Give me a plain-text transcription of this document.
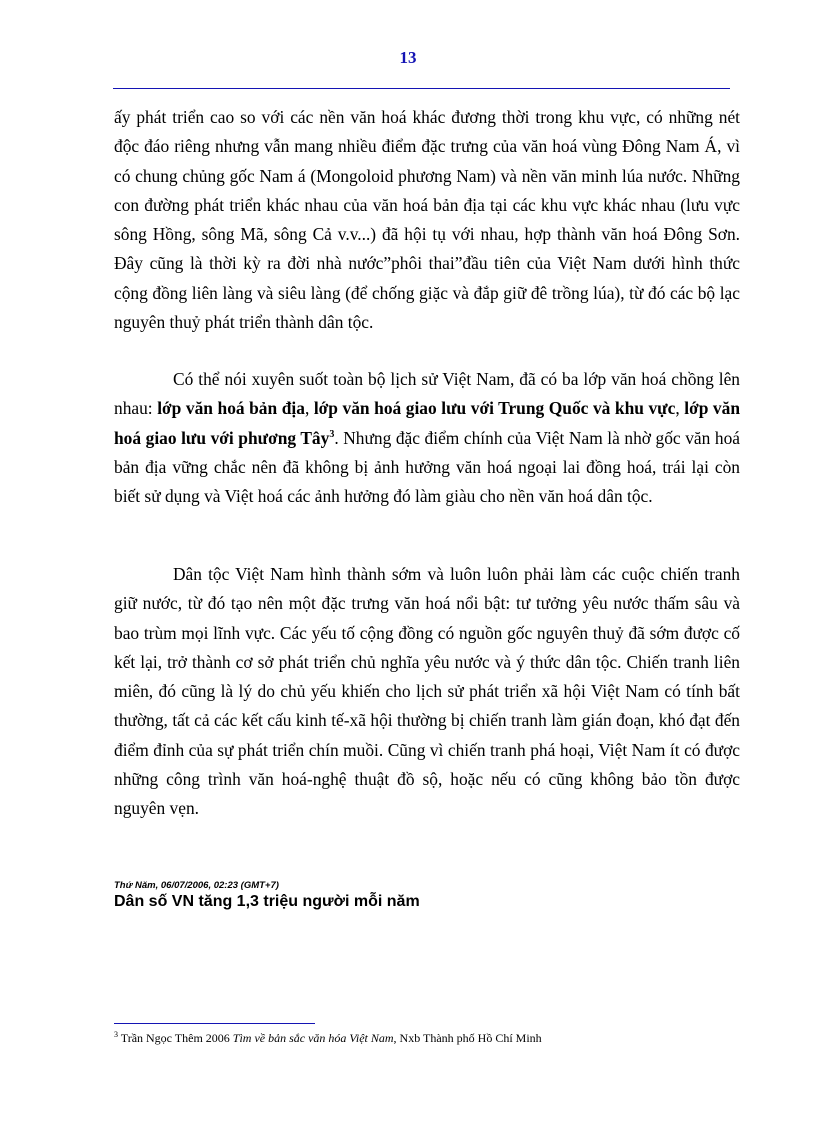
13

ấy phát triển cao so với các nền văn hoá khác đương thời trong khu vực, có những nét độc đáo riêng nhưng vẫn mang nhiều điểm đặc trưng của văn hoá vùng Đông Nam Á, vì có chung chủng gốc Nam á (Mongoloid phương Nam) và nền văn minh lúa nước. Những con đường phát triển khác nhau của văn hoá bản địa tại các khu vực khác nhau (lưu vực sông Hồng, sông Mã, sông Cả v.v...) đã hội tụ với nhau, hợp thành văn hoá Đông Sơn. Đây cũng là thời kỳ ra đời nhà nước”phôi thai”đầu tiên của Việt Nam dưới hình thức cộng đồng liên làng và siêu làng (để chống giặc và đắp giữ đê trồng lúa), từ đó các bộ lạc nguyên thuỷ phát triển thành dân tộc.

Có thể nói xuyên suốt toàn bộ lịch sử Việt Nam, đã có ba lớp văn hoá chồng lên nhau: lớp văn hoá bản địa, lớp văn hoá giao lưu với Trung Quốc và khu vực, lớp văn hoá giao lưu với phương Tây$^3$. Nhưng đặc điểm chính của Việt Nam là nhờ gốc văn hoá bản địa vững chắc nên đã không bị ảnh hưởng văn hoá ngoại lai đồng hoá, trái lại còn biết sử dụng và Việt hoá các ảnh hưởng đó làm giàu cho nền văn hoá dân tộc.

Dân tộc Việt Nam hình thành sớm và luôn luôn phải làm các cuộc chiến tranh giữ nước, từ đó tạo nên một đặc trưng văn hoá nổi bật: tư tưởng yêu nước thấm sâu và bao trùm mọi lĩnh vực. Các yếu tố cộng đồng có nguồn gốc nguyên thuỷ đã sớm được cố kết lại, trở thành cơ sở phát triển chủ nghĩa yêu nước và ý thức dân tộc. Chiến tranh liên miên, đó cũng là lý do chủ yếu khiến cho lịch sử phát triển xã hội Việt Nam có tính bất thường, tất cả các kết cấu kinh tế-xã hội thường bị chiến tranh làm gián đoạn, khó đạt đến điểm đỉnh của sự phát triển chín muồi. Cũng vì chiến tranh phá hoại, Việt Nam ít có được những công trình văn hoá-nghệ thuật đồ sộ, hoặc nếu có cũng không bảo tồn được nguyên vẹn.

Thứ Năm, 06/07/2006, 02:23 (GMT+7)
Dân số VN tăng 1,3 triệu người mỗi năm
$^3$ Trần Ngọc Thêm 2006 Tìm về bản sắc văn hóa Việt Nam, Nxb Thành phố Hồ Chí Minh
